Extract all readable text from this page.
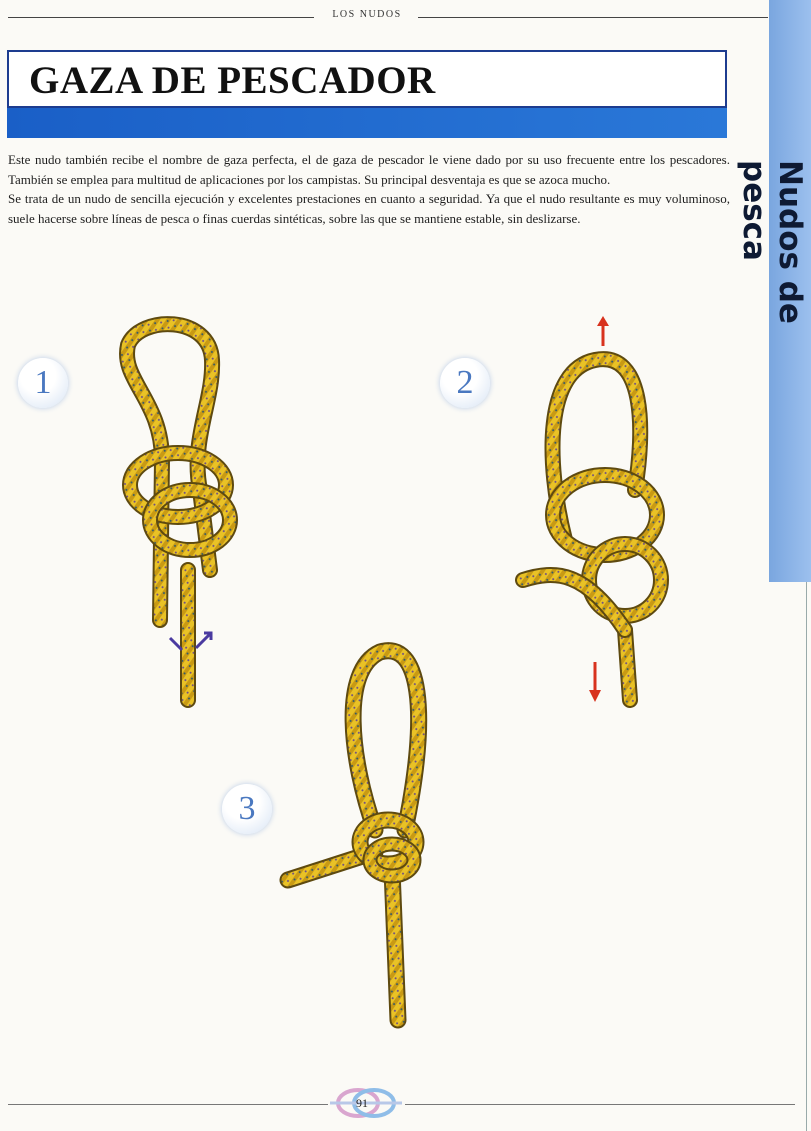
LOS NUDOS
Nudos de pesca
GAZA DE PESCADOR

Este nudo también recibe el nombre de gaza perfecta, el de gaza de pescador le viene dado por su uso frecuente entre los pescadores. También se emplea para multitud de aplicaciones por los campistas. Su principal desventaja es que se azoca mucho.

Se trata de un nudo de sencilla ejecución y excelentes prestaciones en cuanto a seguridad. Ya que el nudo resultante es muy voluminoso, suele hacerse sobre líneas de pesca o finas cuerdas sintéticas, sobre las que se mantiene estable, sin deslizarse.

1	2
3
91
